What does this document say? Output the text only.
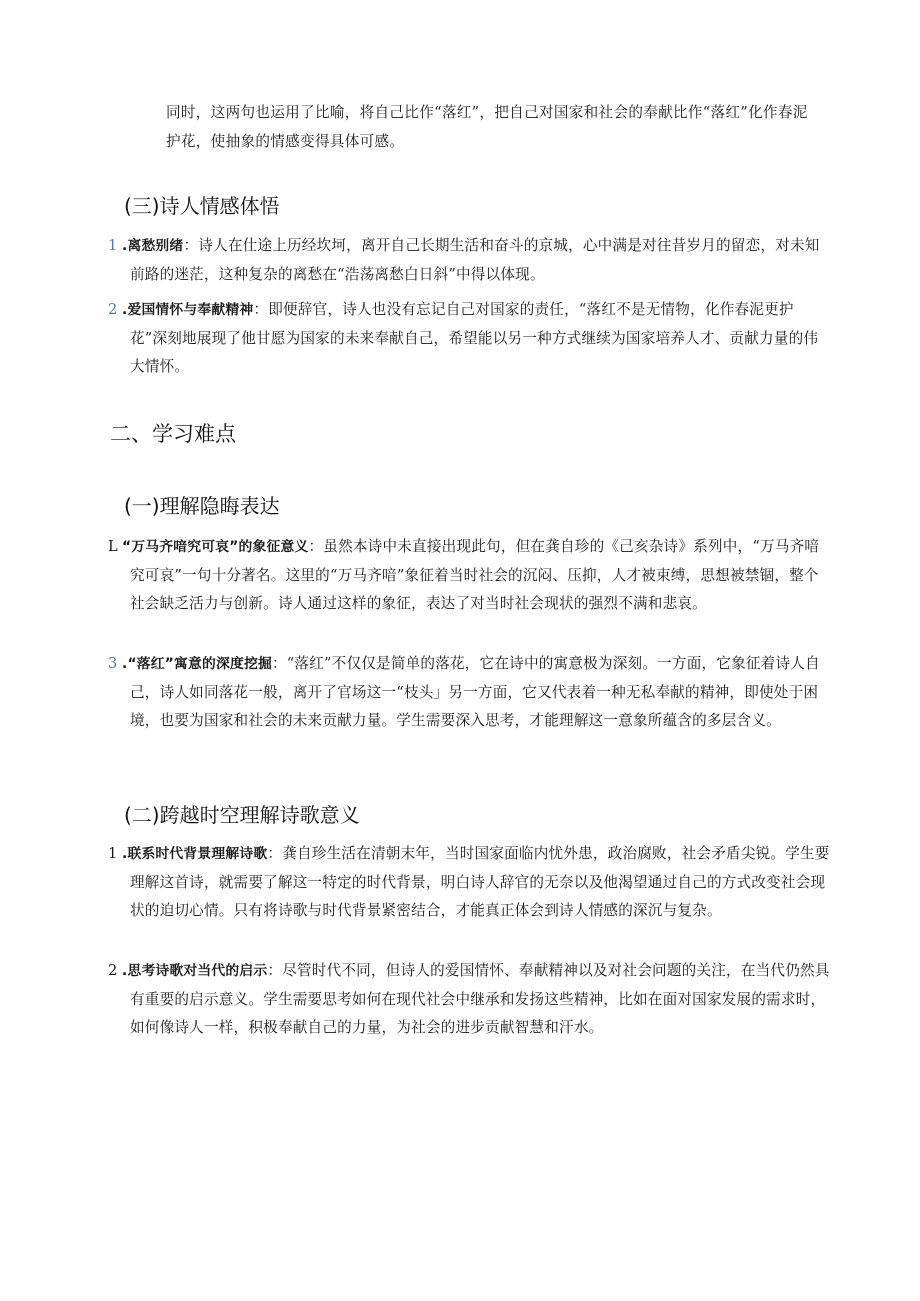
同时，这两句也运用了比喻，将自己比作“落红”，把自己对国家和社会的奉献比作“落红”化作春泥护花，使抽象的情感变得具体可感。

(三)诗人情感体悟

1 .离愁别绪：诗人在仕途上历经坎坷，离开自己长期生活和奋斗的京城，心中满是对往昔岁月的留恋，对未知前路的迷茫，这种复杂的离愁在“浩荡离愁白日斜”中得以体现。

2 .爱国情怀与奉献精神：即便辞官，诗人也没有忘记自己对国家的责任，“落红不是无情物，化作春泥更护花”深刻地展现了他甘愿为国家的未来奉献自己，希望能以另一种方式继续为国家培养人才、贡献力量的伟大情怀。

二、学习难点
(一)理解隐晦表达

L “万马齐喑究可哀”的象征意义：虽然本诗中未直接出现此句，但在龚自珍的《己亥杂诗》系列中，“万马齐喑究可哀”一句十分著名。这里的“万马齐喑”象征着当时社会的沉闷、压抑，人才被束缚，思想被禁锢，整个社会缺乏活力与创新。诗人通过这样的象征，表达了对当时社会现状的强烈不满和悲哀。

3 .“落红”寓意的深度挖掘：“落红”不仅仅是简单的落花，它在诗中的寓意极为深刻。一方面，它象征着诗人自己，诗人如同落花一般，离开了官场这一“枝头」另一方面，它又代表着一种无私奉献的精神，即使处于困境，也要为国家和社会的未来贡献力量。学生需要深入思考，才能理解这一意象所蕴含的多层含义。

(二)跨越时空理解诗歌意义

1 .联系时代背景理解诗歌：龚自珍生活在清朝末年，当时国家面临内忧外患，政治腐败，社会矛盾尖锐。学生要理解这首诗，就需要了解这一特定的时代背景，明白诗人辞官的无奈以及他渴望通过自己的方式改变社会现状的迫切心情。只有将诗歌与时代背景紧密结合，才能真正体会到诗人情感的深沉与复杂。

2 .思考诗歌对当代的启示：尽管时代不同，但诗人的爱国情怀、奉献精神以及对社会问题的关注，在当代仍然具有重要的启示意义。学生需要思考如何在现代社会中继承和发扬这些精神，比如在面对国家发展的需求时，如何像诗人一样，积极奉献自己的力量，为社会的进步贡献智慧和汗水。
